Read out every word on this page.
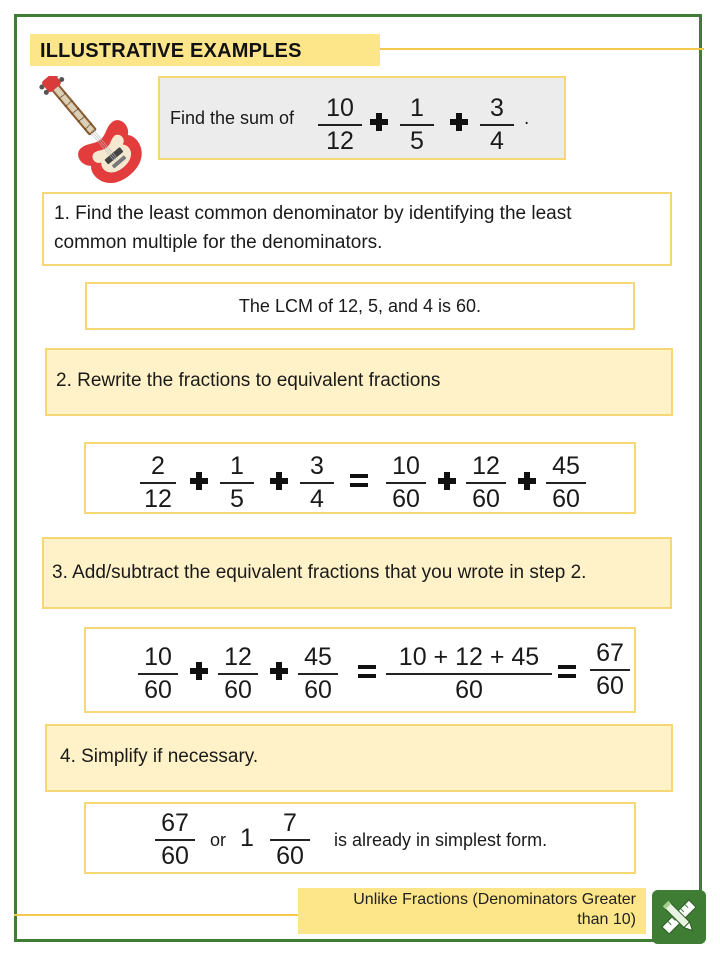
ILLUSTRATIVE EXAMPLES
Find the sum of	10
12
1
5
3
4
.
1. Find the least common denominator by identifying the least
common multiple for the denominators.
The LCM of 12, 5, and 4 is 60.
2. Rewrite the fractions to equivalent fractions
2
12
1
5
3
4
10
60
12
60
45
60
3. Add/subtract the equivalent fractions that you wrote in step 2.
10
60
12
60
45
60
10 + 12 + 45
60
67
60
4. Simplify if necessary.
67
60
or 1
7
60
is already in simplest form.
Unlike Fractions (Denominators Greater
than 10)
